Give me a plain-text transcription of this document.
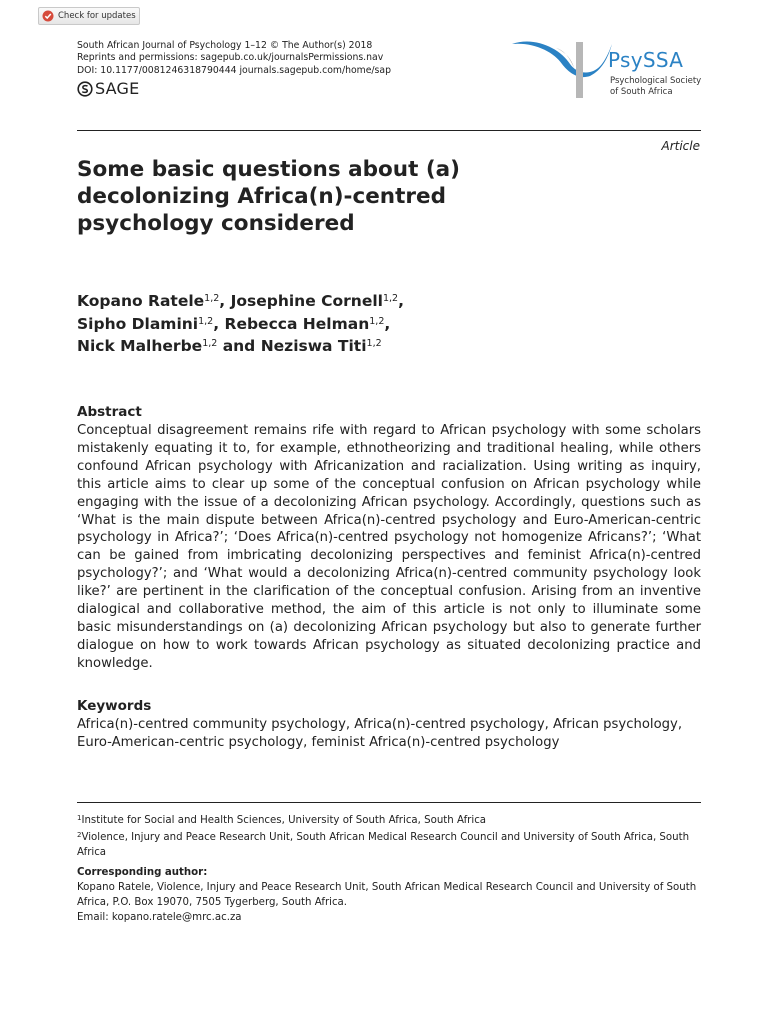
Check for updates
South African Journal of Psychology 1–12 © The Author(s) 2018
Reprints and permissions: sagepub.co.uk/journalsPermissions.nav
DOI: 10.1177/0081246318790444 journals.sagepub.com/home/sap
SAGE
PsySSA
Psychological Society
of South Africa
Article
Some basic questions about (a) decolonizing Africa(n)-centred psychology considered
Kopano Ratele$^{1,2}$, Josephine Cornell$^{1,2}$,
Sipho Dlamini$^{1,2}$, Rebecca Helman$^{1,2}$,
Nick Malherbe$^{1,2}$ and Neziswa Titi$^{1,2}$
Abstract

Conceptual disagreement remains rife with regard to African psychology with some scholars mistakenly equating it to, for example, ethnotheorizing and traditional healing, while others confound African psychology with Africanization and racialization. Using writing as inquiry, this article aims to clear up some of the conceptual confusion on African psychology while engaging with the issue of a decolonizing African psychology. Accordingly, questions such as ‘What is the main dispute between Africa(n)-centred psychology and Euro-American-centric psychology in Africa?’; ‘Does Africa(n)-centred psychology not homogenize Africans?’; ‘What can be gained from imbricating decolonizing perspectives and feminist Africa(n)-centred psychology?’; and ‘What would a decolonizing Africa(n)-centred community psychology look like?’ are pertinent in the clarification of the conceptual confusion. Arising from an inventive dialogical and collaborative method, the aim of this article is not only to illuminate some basic misunderstandings on (a) decolonizing African psychology but also to generate further dialogue on how to work towards African psychology as situated decolonizing practice and knowledge.

Keywords

Africa(n)-centred community psychology, Africa(n)-centred psychology, African psychology, Euro-American-centric psychology, feminist Africa(n)-centred psychology

$^1$Institute for Social and Health Sciences, University of South Africa, South Africa
$^2$Violence, Injury and Peace Research Unit, South African Medical Research Council and University of South Africa, South Africa
Corresponding author:
Kopano Ratele, Violence, Injury and Peace Research Unit, South African Medical Research Council and University of South Africa, P.O. Box 19070, 7505 Tygerberg, South Africa.
Email: kopano.ratele@mrc.ac.za
